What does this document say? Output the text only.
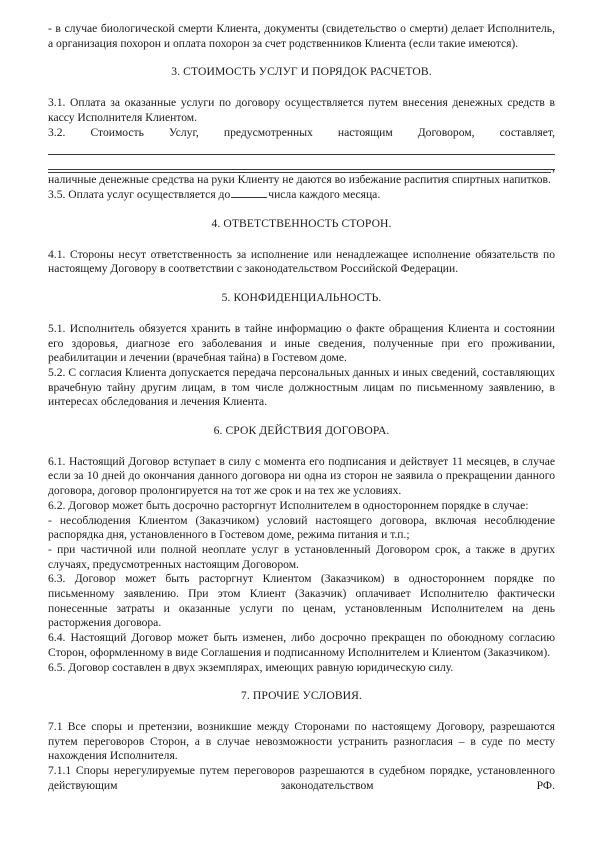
- в случае биологической смерти Клиента, документы (свидетельство о смерти) делает Исполнитель, а организация похорон и оплата похорон за счет родственников Клиента (если такие имеются).

3. СТОИМОСТЬ УСЛУГ И ПОРЯДОК РАСЧЕТОВ.

3.1. Оплата за оказанные услуги по договору осуществляется путем внесения денежных средств в кассу Исполнителя Клиентом.

3.2. Стоимость Услуг, предусмотренных настоящим Договором, составляет,

,

наличные денежные средства на руки Клиенту не даются во избежание распития спиртных напитков.

3.5. Оплата услуг осуществляется до	числа каждого месяца.

4. ОТВЕТСТВЕННОСТЬ СТОРОН.

4.1. Стороны несут ответственность за исполнение или ненадлежащее исполнение обязательств по настоящему Договору в соответствии с законодательством Российской Федерации.

5. КОНФИДЕНЦИАЛЬНОСТЬ.

5.1. Исполнитель обязуется хранить в тайне информацию о факте обращения Клиента и состоянии его здоровья, диагнозе его заболевания и иные сведения, полученные при его проживании, реабилитации и лечении (врачебная тайна) в Гостевом доме.

5.2. С согласия Клиента допускается передача персональных данных и иных сведений, составляющих врачебную тайну другим лицам, в том числе должностным лицам по письменному заявлению, в интересах обследования и лечения Клиента.

6. СРОК ДЕЙСТВИЯ ДОГОВОРА.

6.1. Настоящий Договор вступает в силу с момента его подписания и действует 11 месяцев, в случае если за 10 дней до окончания данного договора ни одна из сторон не заявила о прекращении данного договора, договор пролонгируется на тот же срок и на тех же условиях.

6.2. Договор может быть досрочно расторгнут Исполнителем в одностороннем порядке в случае:

- несоблюдения Клиентом (Заказчиком) условий настоящего договора, включая несоблюдение распорядка дня, установленного в Гостевом доме, режима питания и т.п.;

- при частичной или полной неоплате услуг в установленный Договором срок, а также в других случаях, предусмотренных настоящим Договором.

6.3. Договор может быть расторгнут Клиентом (Заказчиком) в одностороннем порядке по письменному заявлению. При этом Клиент (Заказчик) оплачивает Исполнителю фактически понесенные затраты и оказанные услуги по ценам, установленным Исполнителем на день расторжения договора.

6.4. Настоящий Договор может быть изменен, либо досрочно прекращен по обоюдному согласию Сторон, оформленному в виде Соглашения и подписанному Исполнителем и Клиентом (Заказчиком).

6.5. Договор составлен в двух экземплярах, имеющих равную юридическую силу.

7. ПРОЧИЕ УСЛОВИЯ.

7.1 Все споры и претензии, возникшие между Сторонами по настоящему Договору, разрешаются путем переговоров Сторон, а в случае невозможности устранить разногласия – в суде по месту нахождения Исполнителя.

7.1.1 Споры нерегулируемые путем переговоров разрешаются в судебном порядке, установленного действующим законодательством РФ.
